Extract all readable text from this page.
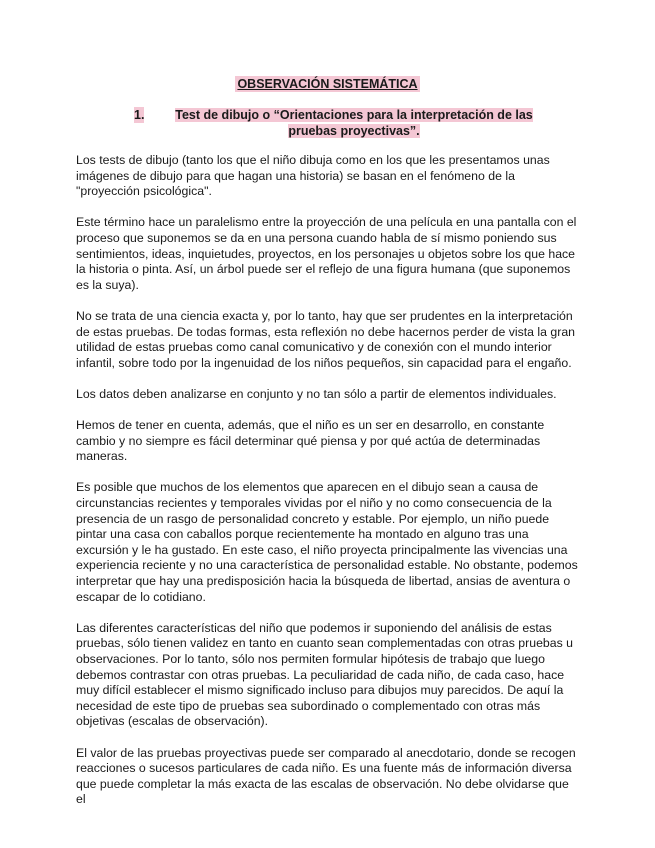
OBSERVACIÓN SISTEMÁTICA
1.	Test de dibujo o “Orientaciones para la interpretación de las pruebas proyectivas”.

Los tests de dibujo (tanto los que el niño dibuja como en los que les presentamos unas imágenes de dibujo para que hagan una historia) se basan en el fenómeno de la "proyección psicológica".

Este término hace un paralelismo entre la proyección de una película en una pantalla con el proceso que suponemos se da en una persona cuando habla de sí mismo poniendo sus sentimientos, ideas, inquietudes, proyectos, en los personajes u objetos sobre los que hace la historia o pinta. Así, un árbol puede ser el reflejo de una figura humana (que suponemos es la suya).

No se trata de una ciencia exacta y, por lo tanto, hay que ser prudentes en la interpretación de estas pruebas. De todas formas, esta reflexión no debe hacernos perder de vista la gran utilidad de estas pruebas como canal comunicativo y de conexión con el mundo interior infantil, sobre todo por la ingenuidad de los niños pequeños, sin capacidad para el engaño.

Los datos deben analizarse en conjunto y no tan sólo a partir de elementos individuales.

Hemos de tener en cuenta, además, que el niño es un ser en desarrollo, en constante cambio y no siempre es fácil determinar qué piensa y por qué actúa de determinadas maneras.

Es posible que muchos de los elementos que aparecen en el dibujo sean a causa de circunstancias recientes y temporales vividas por el niño y no como consecuencia de la presencia de un rasgo de personalidad concreto y estable. Por ejemplo, un niño puede pintar una casa con caballos porque recientemente ha montado en alguno tras una excursión y le ha gustado. En este caso, el niño proyecta principalmente las vivencias una experiencia reciente y no una característica de personalidad estable. No obstante, podemos interpretar que hay una predisposición hacia la búsqueda de libertad, ansias de aventura o escapar de lo cotidiano.

Las diferentes características del niño que podemos ir suponiendo del análisis de estas pruebas, sólo tienen validez en tanto en cuanto sean complementadas con otras pruebas u observaciones. Por lo tanto, sólo nos permiten formular hipótesis de trabajo que luego debemos contrastar con otras pruebas. La peculiaridad de cada niño, de cada caso, hace muy difícil establecer el mismo significado incluso para dibujos muy parecidos. De aquí la necesidad de este tipo de pruebas sea subordinado o complementado con otras más objetivas (escalas de observación).

El valor de las pruebas proyectivas puede ser comparado al anecdotario, donde se recogen reacciones o sucesos particulares de cada niño. Es una fuente más de información diversa que puede completar la más exacta de las escalas de observación. No debe olvidarse que el
